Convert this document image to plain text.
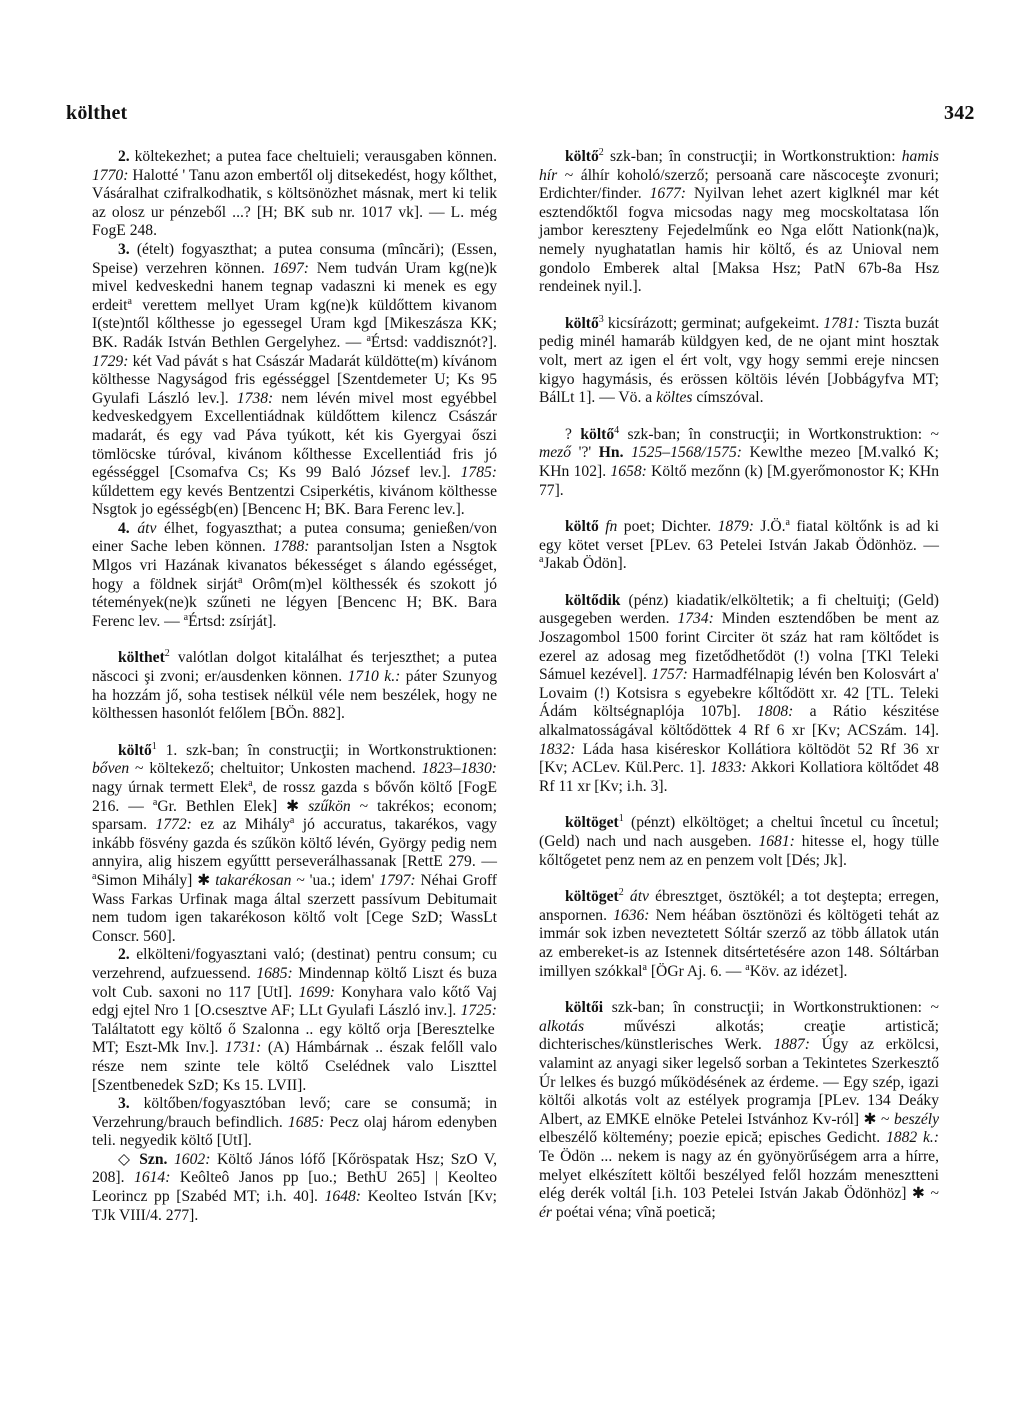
költhet	342

2. költekezhet; a putea face cheltuieli; verausgaben können. 1770: Halotté ' Tanu azon embertől olj ditsekedést, hogy kőlthet, Vásáralhat czifralkodhatik, s költsönözhet másnak, mert ki telik az olosz ur pénzeből ...? [H; BK sub nr. 1017 vk]. — L. még FogE 248.

3. (ételt) fogyaszthat; a putea consuma (mîncări); (Essen, Speise) verzehren können. 1697: Nem tudván Uram kg(ne)k mivel kedveskedni hanem tegnap vadaszni ki menek es egy erdeit$^a$ verettem mellyet Uram kg(ne)k küldőttem kivanom I(ste)ntől kőlthesse jo egessegel Uram kgd [Mikeszásza KK; BK. Radák István Bethlen Gergelyhez. — $^a$Értsd: vaddisznót?]. 1729: két Vad pávát s hat Császár Madarát küldötte(m) kívánom költhesse Nagyságod fris egésséggel [Szentdemeter U; Ks 95 Gyulafi László lev.]. 1738: nem lévén mivel most egyébbel kedveskedgyem Excellentiádnak küldőttem kilencz Császár madarát, és egy vad Páva tyúkott, két kis Gyergyai őszi tömlöcske túróval, kivánom kőlthesse Excellentiád fris jó egésséggel [Csomafva Cs; Ks 99 Baló József lev.]. 1785: kűldettem egy kevés Bentzentzi Csiperkétis, kivánom költhesse Nsgtok jo egésségb(en) [Bencenc H; BK. Bara Ferenc lev.].

4. átv élhet, fogyaszthat; a putea consuma; genießen/von einer Sache leben können. 1788: parantsoljan Isten a Nsgtok Mlgos vri Hazának kivanatos békességet s álando egésséget, hogy a földnek sirját$^a$ Orôm(m)el költhessék és szokott jó tétemények(ne)k szűneti ne légyen [Bencenc H; BK. Bara Ferenc lev. — $^a$Értsd: zsírját].

költhet$^2$ valótlan dolgot kitalálhat és terjeszthet; a putea născoci şi zvoni; er/ausdenken können. 1710 k.: páter Szunyog ha hozzám jő, soha testisek nélkül véle nem beszélek, hogy ne költhessen hasonlót felőlem [BÖn. 882].

költő$^1$ 1. szk-ban; în construcţii; in Wortkonstruktionen: bőven ~ költekező; cheltuitor; Unkosten machend. 1823–1830: nagy úrnak termett Elek$^a$, de rossz gazda s bővőn költő [FogE 216. — $^a$Gr. Bethlen Elek] ✱ szűkön ~ takrékos; econom; sparsam. 1772: ez az Mihály$^a$ jó accuratus, takarékos, vagy inkább fösvény gazda és szűkön költő lévén, György pedig nem annyira, alig hiszem egyűttt perseverálhassanak [RettE 279. — $^a$Simon Mihály] ✱ takarékosan ~ 'ua.; idem' 1797: Néhai Groff Wass Farkas Urfinak maga által szerzett passívum Debitumait nem tudom igen takarékoson költő volt [Cege SzD; WassLt Conscr. 560].

2. elkölteni/fogyasztani való; (destinat) pentru consum; cu verzehrend, aufzuessend. 1685: Mindennap költő Liszt és buza volt Cub. saxoni no 117 [UtI]. 1699: Konyhara valo kőtő Vaj edgj ejtel Nro 1 [O.csesztve AF; LLt Gyulafi László inv.]. 1725: Találtatott egy költő ő Szalonna .. egy költő orja [Beresztelke MT; Eszt-Mk Inv.]. 1731: (A) Hámbárnak .. észak felőll valo része nem szinte tele költő Cselédnek valo Liszttel [Szentbenedek SzD; Ks 15. LVII].

3. költőben/fogyasztóban levő; care se consumă; in Verzehrung/brauch befindlich. 1685: Pecz olaj három edenyben teli. negyedik költő [UtI].

◇ Szn. 1602: Költő János lófő [Kőröspatak Hsz; SzO V, 208]. 1614: Keôlteô Janos pp [uo.; BethU 265] | Keolteo Leorincz pp [Szabéd MT; i.h. 40]. 1648: Keolteo István [Kv; TJk VIII/4. 277].

költő$^2$ szk-ban; în construcţii; in Wortkonstruktion: hamis hír ~ álhír koholó/szerző; persoană care născoceşte zvonuri; Erdichter/finder. 1677: Nyilvan lehet azert kiglknél mar két esztendőktől fogva micsodas nagy meg mocskoltatasa lőn jambor kereszteny Fejedelműnk eo Nga előtt Nationk(na)k, nemely nyughatatlan hamis hir költő, és az Unioval nem gondolo Emberek altal [Maksa Hsz; PatN 67b-8a Hsz rendeinek nyil.].

költő$^3$ kicsírázott; germinat; aufgekeimt. 1781: Tiszta buzát pedig minél hamaráb küldgyen ked, de ne ojant mint hosztak volt, mert az igen el ért volt, vgy hogy semmi ereje nincsen kigyo hagymásis, és erössen költöis lévén [Jobbágyfva MT; BálLt 1]. — Vö. a költes címszóval.

? költő$^4$ szk-ban; în construcţii; in Wortkonstruktion: ~ mező '?' Hn. 1525–1568/1575: Kewlthe mezeo [M.valkó K; KHn 102]. 1658: Költő mezőnn (k) [M.gyerőmonostor K; KHn 77].

költő fn poet; Dichter. 1879: J.Ö.$^a$ fiatal költőnk is ad ki egy kötet verset [PLev. 63 Petelei István Jakab Ödönhöz. — $^a$Jakab Ödön].

költődik (pénz) kiadatik/elköltetik; a fi cheltuiţi; (Geld) ausgegeben werden. 1734: Minden esztendőben be ment az Joszagombol 1500 forint Circiter öt száz hat ram költődet is ezerel az adosag meg fizetődhetődöt (!) volna [TKl Teleki Sámuel kezével]. 1757: Harmadfélnapig lévén ben Kolosvárt a' Lovaim (!) Kotsisra s egyebekre kőltődött xr. 42 [TL. Teleki Ádám költségnaplója 107b]. 1808: a Rátio készitése alkalmatosságával költődöttek 4 Rf 6 xr [Kv; ACSzám. 14]. 1832: Láda hasa kiséreskor Kollátiora költödöt 52 Rf 36 xr [Kv; ACLev. Kül.Perc. 1]. 1833: Akkori Kollatiora költődet 48 Rf 11 xr [Kv; i.h. 3].

költöget$^1$ (pénzt) elköltöget; a cheltui încetul cu încetul; (Geld) nach und nach ausgeben. 1681: hitesse el, hogy tülle kőltőgetet penz nem az en penzem volt [Dés; Jk].

költöget$^2$ átv ébresztget, ösztökél; a tot deştepta; erregen, anspornen. 1636: Nem héában ösztönözi és költögeti tehát az immár sok izben neveztetett Sóltár szerző az több állatok után az embereket-is az Istennek ditsértetésére azon 148. Sóltárban imillyen szókkal$^a$ [ÖGr Aj. 6. — $^a$Köv. az idézet].

költői szk-ban; în construcţii; in Wortkonstruktionen: ~ alkotás művészi alkotás; creaţie artistică; dichterisches/künstlerisches Werk. 1887: Úgy az erkölcsi, valamint az anyagi siker legelső sorban a Tekintetes Szerkesztő Úr lelkes és buzgó működésének az érdeme. — Egy szép, igazi költői alkotás volt az estélyek programja [PLev. 134 Deáky Albert, az EMKE elnöke Petelei Istvánhoz Kv-ról] ✱ ~ beszély elbeszélő költemény; poezie epică; episches Gedicht. 1882 k.: Te Ödön ... nekem is nagy az én gyönyörűségem arra a hírre, melyet elkészített költői beszélyed felől hozzám menesztteni elég derék voltál [i.h. 103 Petelei István Jakab Ödönhöz] ✱ ~ ér poétai véna; vînă poetică;
